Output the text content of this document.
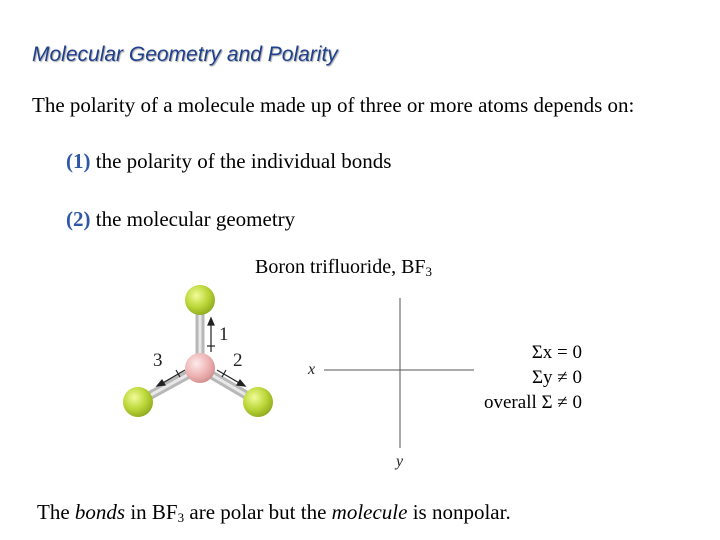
Molecular Geometry and Polarity
The polarity of a molecule made up of three or more atoms depends on:
(1) the polarity of the individual bonds
(2) the molecular geometry
Boron trifluoride, $BF_3$
1
2
3	x
y
Σx = 0
Σy ≠ 0
overall Σ ≠ 0
The bonds in $BF_3$ are polar but the molecule is nonpolar.
